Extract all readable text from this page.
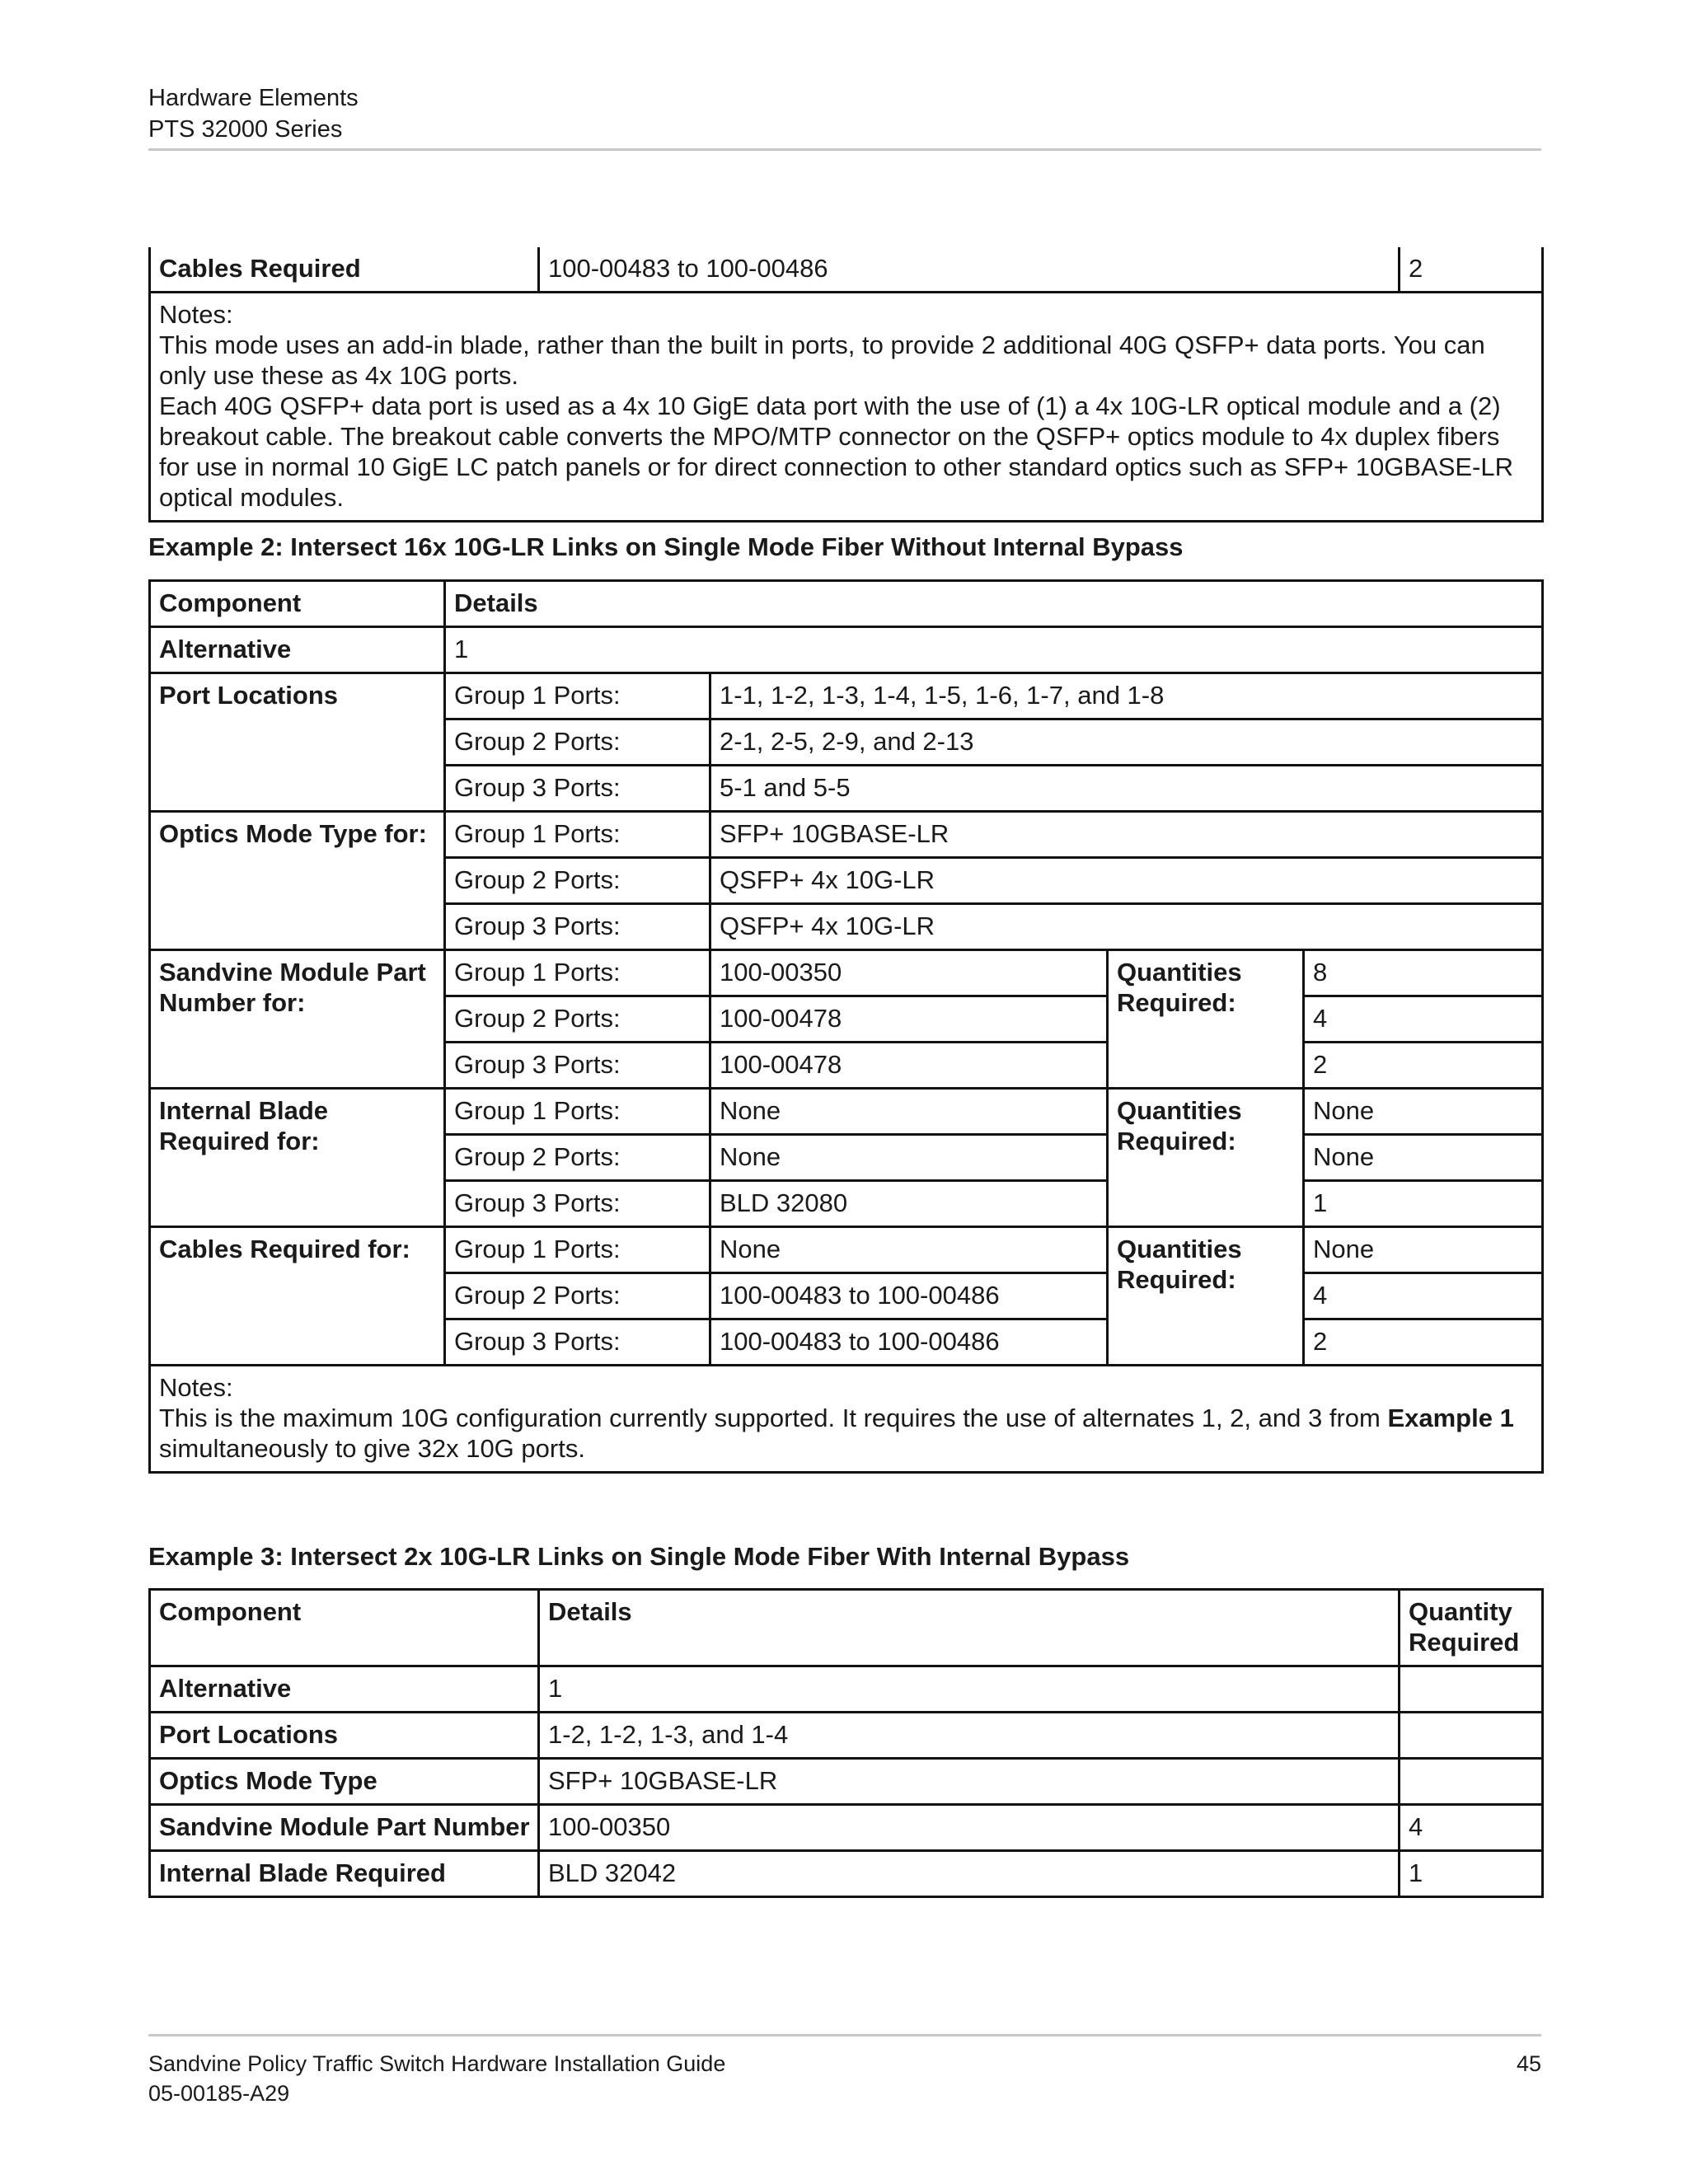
Hardware Elements
PTS 32000 Series
Cables Required	100-00483 to 100-00486	2

Notes:
This mode uses an add-in blade, rather than the built in ports, to provide 2 additional 40G QSFP+ data ports. You can only use these as 4x 10G ports.
Each 40G QSFP+ data port is used as a 4x 10 GigE data port with the use of (1) a 4x 10G-LR optical module and a (2) breakout cable. The breakout cable converts the MPO/MTP connector on the QSFP+ optics module to 4x duplex fibers for use in normal 10 GigE LC patch panels or for direct connection to other standard optics such as SFP+ 10GBASE-LR optical modules.
Example 2: Intersect 16x 10G-LR Links on Single Mode Fiber Without Internal Bypass
Component	Details			
Alternative	1			
Port Locations	Group 1 Ports:	1-1, 1-2, 1-3, 1-4, 1-5, 1-6, 1-7, and 1-8		
	Group 2 Ports:	2-1, 2-5, 2-9, and 2-13		
	Group 3 Ports:	5-1 and 5-5		
Optics Mode Type for:	Group 1 Ports:	SFP+ 10GBASE-LR		
	Group 2 Ports:	QSFP+ 4x 10G-LR		
	Group 3 Ports:	QSFP+ 4x 10G-LR		
Sandvine Module Part Number for:	Group 1 Ports:	100-00350	Quantities Required:	8
	Group 2 Ports:	100-00478		4
	Group 3 Ports:	100-00478		2
Internal Blade Required for:	Group 1 Ports:	None	Quantities Required:	None
	Group 2 Ports:	None		None
	Group 3 Ports:	BLD 32080		1
Cables Required for:	Group 1 Ports:	None	Quantities Required:	None
	Group 2 Ports:	100-00483 to 100-00486		4
	Group 3 Ports:	100-00483 to 100-00486		2

Notes:
This is the maximum 10G configuration currently supported. It requires the use of alternates 1, 2, and 3 from Example 1 simultaneously to give 32x 10G ports.				
Example 3: Intersect 2x 10G-LR Links on Single Mode Fiber With Internal Bypass
Component	Details	Quantity Required
Alternative	1	
Port Locations	1-2, 1-2, 1-3, and 1-4	
Optics Mode Type	SFP+ 10GBASE-LR	
Sandvine Module Part Number	100-00350	4
Internal Blade Required	BLD 32042	1
Sandvine Policy Traffic Switch Hardware Installation Guide
05-00185-A29
45
